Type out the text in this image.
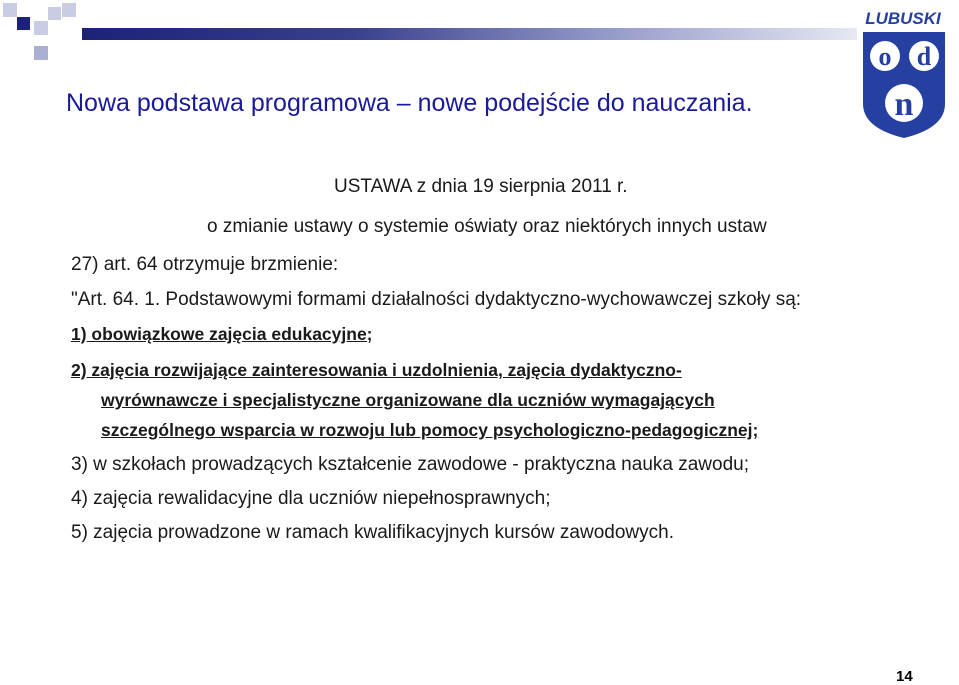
LUBUSKI
o d
n
Nowa podstawa programowa – nowe podejście do nauczania.
USTAWA z dnia 19 sierpnia 2011 r.
o zmianie ustawy o systemie oświaty oraz niektórych innych ustaw
27) art. 64 otrzymuje brzmienie:
"Art. 64. 1. Podstawowymi formami działalności dydaktyczno-wychowawczej szkoły są:
1) obowiązkowe zajęcia edukacyjne;
2) zajęcia rozwijające zainteresowania i uzdolnienia, zajęcia dydaktyczno-
wyrównawcze i specjalistyczne organizowane dla uczniów wymagających
szczególnego wsparcia w rozwoju lub pomocy psychologiczno-pedagogicznej;
3) w szkołach prowadzących kształcenie zawodowe - praktyczna nauka zawodu;
4) zajęcia rewalidacyjne dla uczniów niepełnosprawnych;
5) zajęcia prowadzone w ramach kwalifikacyjnych kursów zawodowych.
14
